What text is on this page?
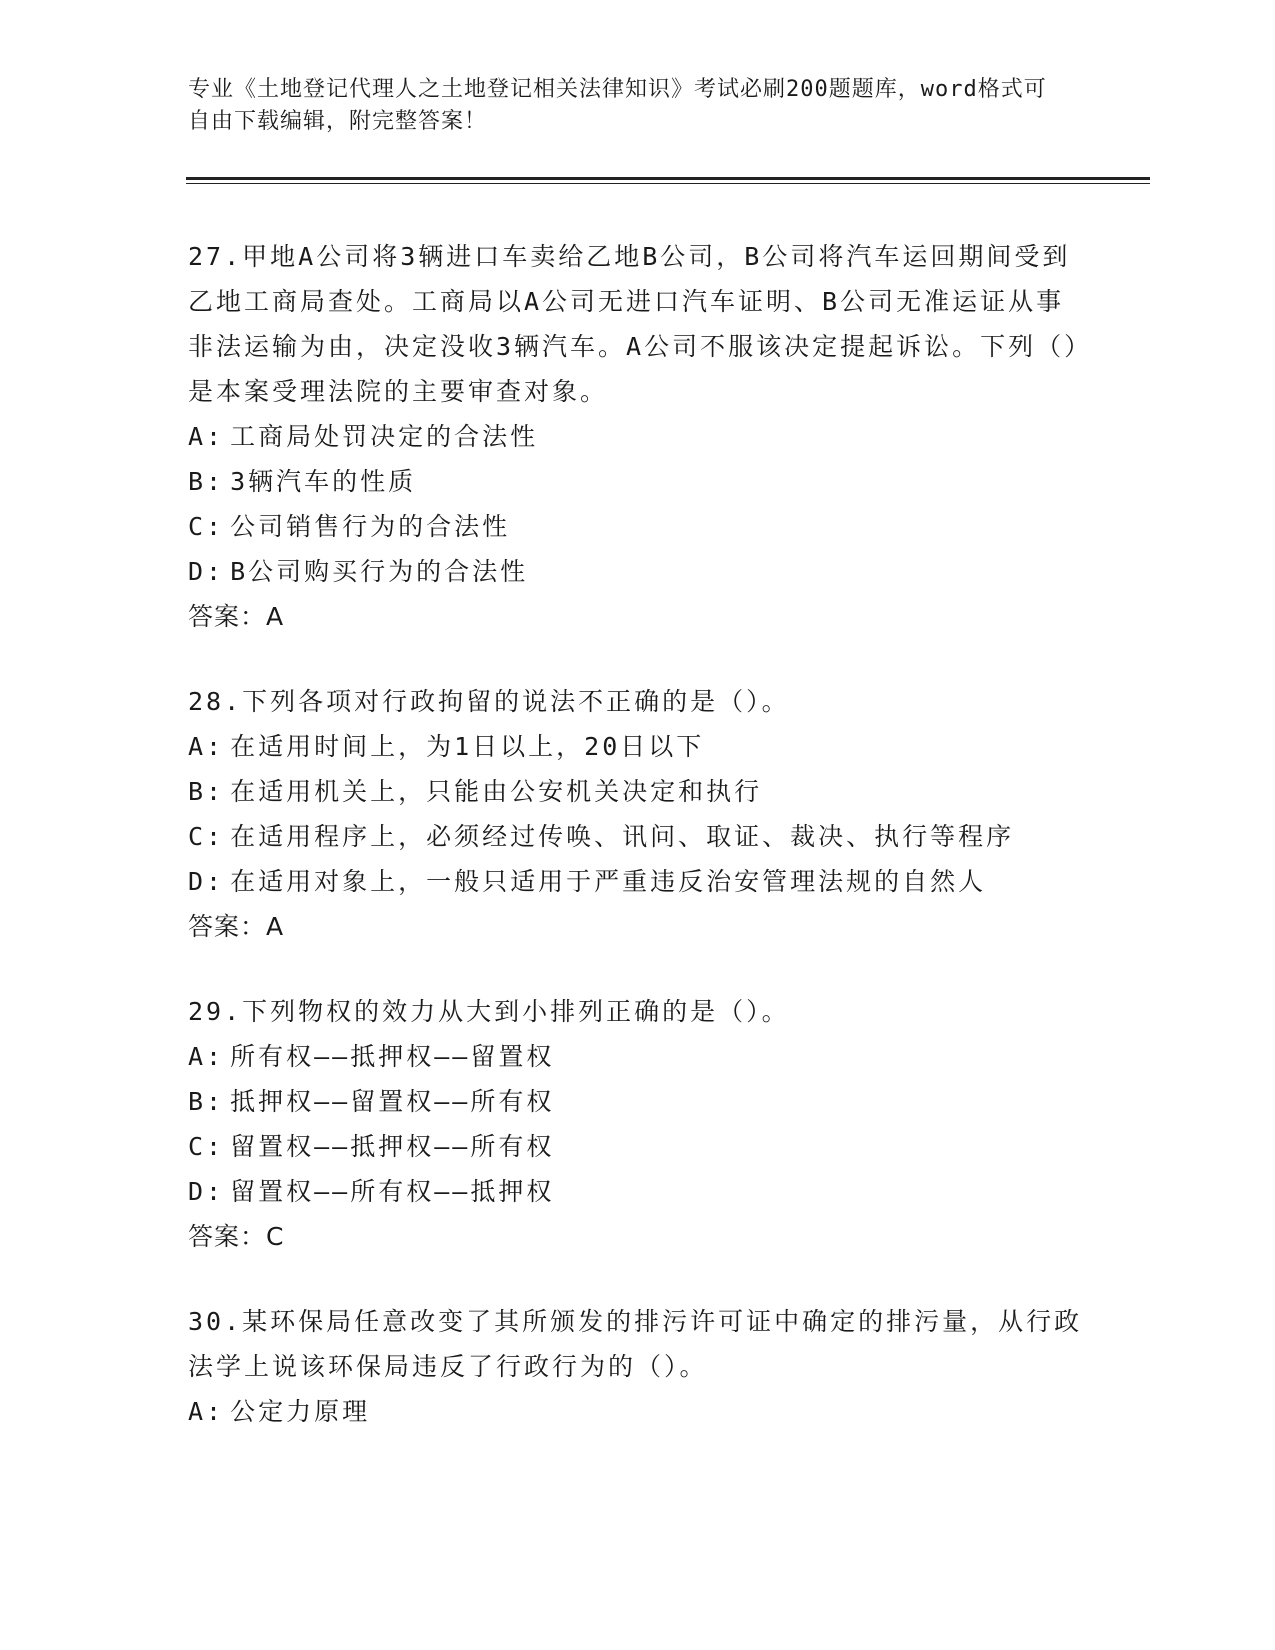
专业《土地登记代理人之土地登记相关法律知识》考试必刷200题题库，word格式可自由下载编辑，附完整答案！
27.甲地A公司将3辆进口车卖给乙地B公司，B公司将汽车运回期间受到乙地工商局查处。工商局以A公司无进口汽车证明、B公司无准运证从事非法运输为由，决定没收3辆汽车。A公司不服该决定提起诉讼。下列（）是本案受理法院的主要审查对象。
A: 工商局处罚决定的合法性
B: 3辆汽车的性质
C: 公司销售行为的合法性
D: B公司购买行为的合法性
答案：A
28.下列各项对行政拘留的说法不正确的是（）。
A: 在适用时间上，为1日以上，20日以下
B: 在适用机关上，只能由公安机关决定和执行
C: 在适用程序上，必须经过传唤、讯问、取证、裁决、执行等程序
D: 在适用对象上，一般只适用于严重违反治安管理法规的自然人
答案：A
29.下列物权的效力从大到小排列正确的是（）。
A: 所有权——抵押权——留置权
B: 抵押权——留置权——所有权
C: 留置权——抵押权——所有权
D: 留置权——所有权——抵押权
答案：C
30.某环保局任意改变了其所颁发的排污许可证中确定的排污量，从行政法学上说该环保局违反了行政行为的（）。
A: 公定力原理
